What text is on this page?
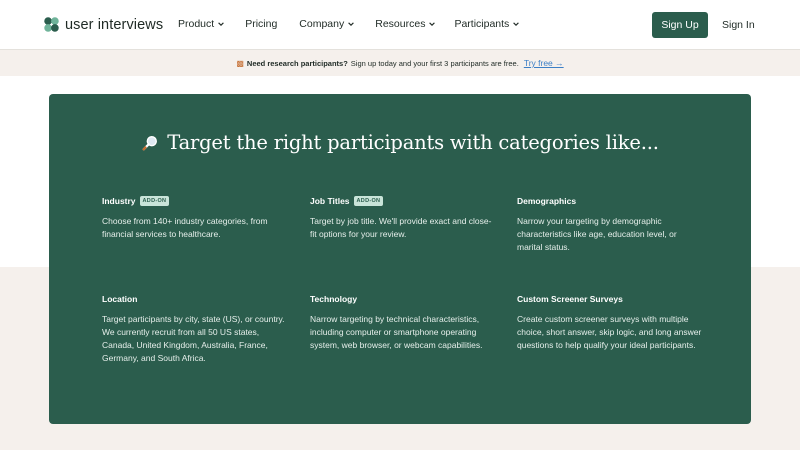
user interviews Product	Pricing Company	Resources	Participants	Sign Up	Sign In
▩ Need research participants? Sign up today and your first 3 participants are free. Try free →
Target the right participants with categories like...
Industry	ADD-ON
Choose from 140+ industry categories, from financial services to healthcare.
Job Titles	ADD-ON
Target by job title. We'll provide exact and close-fit options for your review.
Demographics
Narrow your targeting by demographic characteristics like age, education level, or marital status.
Location
Target participants by city, state (US), or country. We currently recruit from all 50 US states, Canada, United Kingdom, Australia, France, Germany, and South Africa.
Technology
Narrow targeting by technical characteristics, including computer or smartphone operating system, web browser, or webcam capabilities.
Custom Screener Surveys
Create custom screener surveys with multiple choice, short answer, skip logic, and long answer questions to help qualify your ideal participants.
